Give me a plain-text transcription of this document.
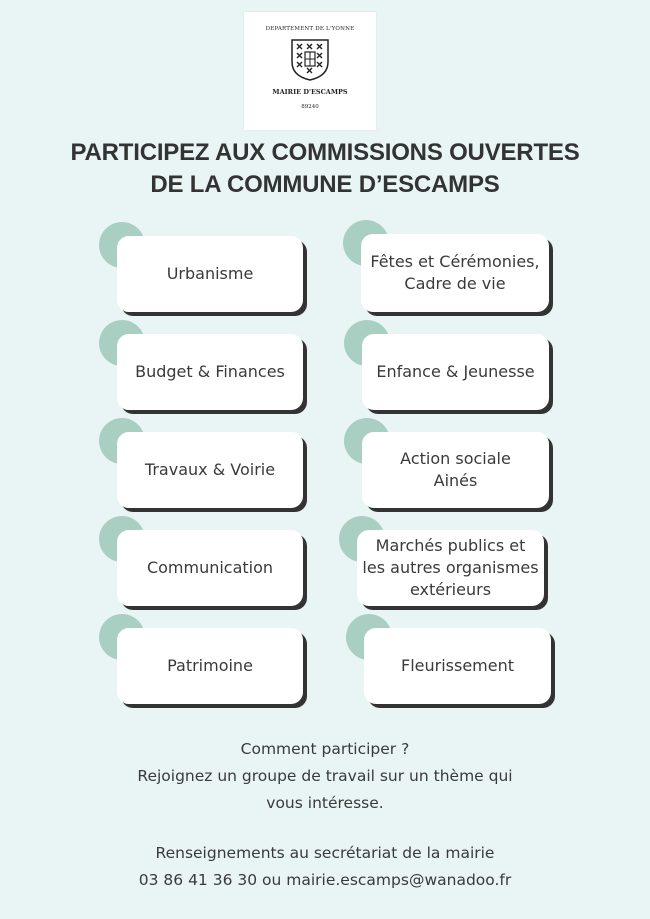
DEPARTEMENT DE L'YONNE
MAIRIE D'ESCAMPS
89240
PARTICIPEZ AUX COMMISSIONS OUVERTES
DE LA COMMUNE D’ESCAMPS
Urbanisme
Budget & Finances
Travaux & Voirie
Communication
Patrimoine
Fêtes et Cérémonies,
Cadre de vie
Enfance & Jeunesse
Action sociale
Ainés
Marchés publics et
les autres organismes
extérieurs
Fleurissement
Comment participer ?
Rejoignez un groupe de travail sur un thème qui
vous intéresse.
Renseignements au secrétariat de la mairie
03 86 41 36 30 ou mairie.escamps@wanadoo.fr
